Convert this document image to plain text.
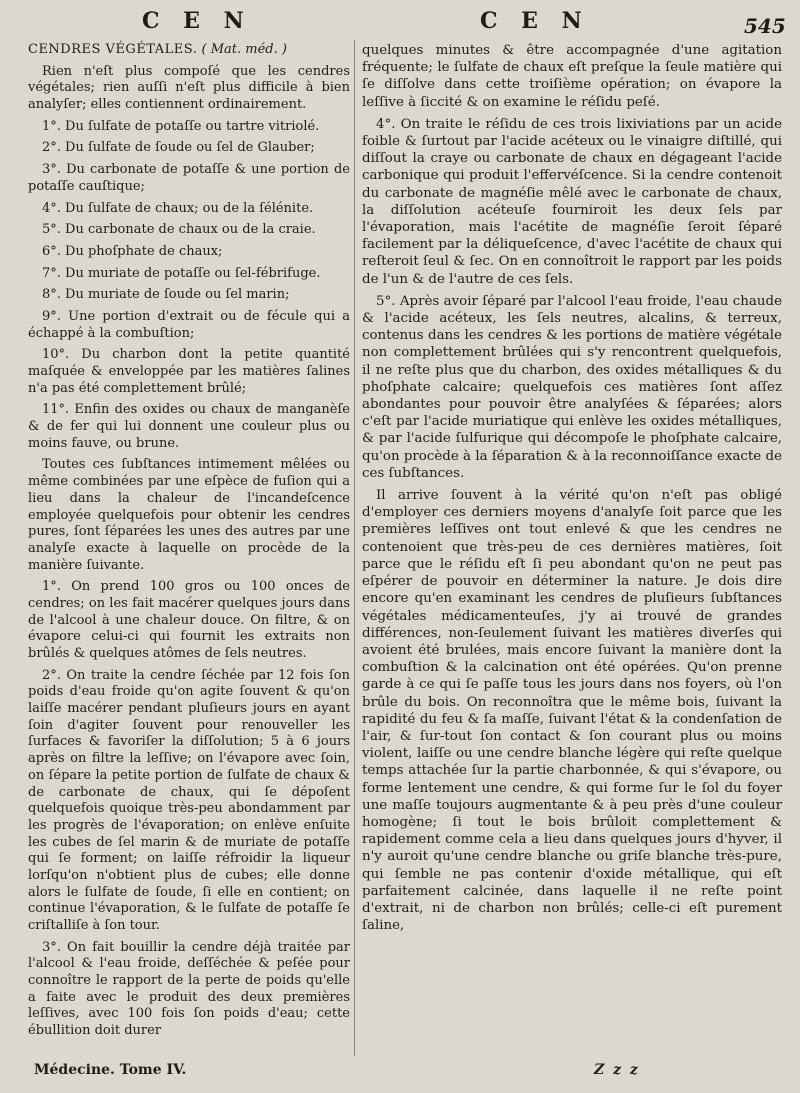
C E N	C E N	545

CENDRES VÉGÉTALES. ( Mat. méd. )

Rien n'eſt plus compoſé que les cendres végétales; rien auſſi n'eſt plus difficile à bien analyſer; elles contiennent ordinairement.

1°. Du ſulfate de potaſſe ou tartre vitriolé.

2°. Du ſulfate de ſoude ou ſel de Glauber;

3°. Du carbonate de potaſſe & une portion de potaſſe cauſtique;

4°. Du ſulfate de chaux; ou de la ſélénite.

5°. Du carbonate de chaux ou de la craie.

6°. Du phoſphate de chaux;

7°. Du muriate de potaſſe ou ſel-fébrifuge.

8°. Du muriate de ſoude ou ſel marin;

9°. Une portion d'extrait ou de fécule qui a échappé à la combuſtion;

10°. Du charbon dont la petite quantité maſquée & enveloppée par les matières ſalines n'a pas été complettement brûlé;

11°. Enfin des oxides ou chaux de manganèſe & de fer qui lui donnent une couleur plus ou moins fauve, ou brune.

Toutes ces ſubſtances intimement mêlées ou même combinées par une eſpèce de fuſion qui a lieu dans la chaleur de l'incandeſcence employée quelquefois pour obtenir les cendres pures, ſont ſéparées les unes des autres par une analyſe exacte à laquelle on procède de la manière ſuivante.

1°. On prend 100 gros ou 100 onces de cendres; on les fait macérer quelques jours dans de l'alcool à une chaleur douce. On filtre, & on évapore celui-ci qui fournit les extraits non brûlés & quelques atômes de ſels neutres.

2°. On traite la cendre ſéchée par 12 fois ſon poids d'eau froide qu'on agite ſouvent & qu'on laiſſe macérer pendant pluſieurs jours en ayant ſoin d'agiter ſouvent pour renouveller les ſurfaces & favoriſer la diſſolution; 5 à 6 jours après on filtre la leſſive; on l'évapore avec ſoin, on ſépare la petite portion de ſulfate de chaux & de carbonate de chaux, qui ſe dépoſent quelquefois quoique très-peu abondamment par les progrès de l'évaporation; on enlève enſuite les cubes de ſel marin & de muriate de potaſſe qui ſe forment; on laiſſe réfroidir la liqueur lorſqu'on n'obtient plus de cubes; elle donne alors le ſulfate de ſoude, ſi elle en contient; on continue l'évaporation, & le ſulfate de potaſſe ſe criſtalliſe à ſon tour.

3°. On fait bouillir la cendre déjà traitée par l'alcool & l'eau froide, deſſéchée & peſée pour connoître le rapport de la perte de poids qu'elle a faite avec le produit des deux premières leſſives, avec 100 fois ſon poids d'eau; cette ébullition doit durer

quelques minutes & être accompagnée d'une agitation fréquente; le ſulfate de chaux eſt preſque la ſeule matière qui ſe diſſolve dans cette troiſième opération; on évapore la leſſive à ſiccité & on examine le réſidu peſé.

4°. On traite le réſidu de ces trois lixiviations par un acide foible & ſurtout par l'acide acéteux ou le vinaigre diſtillé, qui diſſout la craye ou carbonate de chaux en dégageant l'acide carbonique qui produit l'effervéſcence. Si la cendre contenoit du carbonate de magnéſie mêlé avec le carbonate de chaux, la diſſolution acéteuſe fourniroit les deux ſels par l'évaporation, mais l'acétite de magnéſie ſeroit ſéparé facilement par la déliqueſcence, d'avec l'acétite de chaux qui reſteroit ſeul & ſec. On en connoîtroit le rapport par les poids de l'un & de l'autre de ces ſels.

5°. Après avoir ſéparé par l'alcool l'eau froide, l'eau chaude & l'acide acéteux, les ſels neutres, alcalins, & terreux, contenus dans les cendres & les portions de matière végétale non complettement brûlées qui s'y rencontrent quelquefois, il ne reſte plus que du charbon, des oxides métalliques & du phoſphate calcaire; quelquefois ces matières ſont aſſez abondantes pour pouvoir être analyſées & ſéparées; alors c'eſt par l'acide muriatique qui enlève les oxides métalliques, & par l'acide ſulfurique qui décompoſe le phoſphate calcaire, qu'on procède à la ſéparation & à la reconnoiſſance exacte de ces ſubſtances.

Il arrive ſouvent à la vérité qu'on n'eſt pas obligé d'employer ces derniers moyens d'analyſe ſoit parce que les premières leſſives ont tout enlevé & que les cendres ne contenoient que très-peu de ces dernières matières, ſoit parce que le réſidu eſt ſi peu abondant qu'on ne peut pas eſpérer de pouvoir en déterminer la nature. Je dois dire encore qu'en examinant les cendres de pluſieurs ſubſtances végétales médicamenteuſes, j'y ai trouvé de grandes différences, non-ſeulement ſuivant les matières diverſes qui avoient été brulées, mais encore ſuivant la manière dont la combuſtion & la calcination ont été opérées. Qu'on prenne garde à ce qui ſe paſſe tous les jours dans nos foyers, où l'on brûle du bois. On reconnoîtra que le même bois, ſuivant la rapidité du feu & ſa maſſe, ſuivant l'état & la condenſation de l'air, & ſur-tout ſon contact & ſon courant plus ou moins violent, laiſſe ou une cendre blanche légère qui reſte quelque temps attachée ſur la partie charbonnée, & qui s'évapore, ou forme lentement une cendre, & qui forme ſur le ſol du foyer une maſſe toujours augmentante & à peu près d'une couleur homogène; ſi tout le bois brûloit complettement & rapidement comme cela a lieu dans quelques jours d'hyver, il n'y auroit qu'une cendre blanche ou griſe blanche très-pure, qui ſemble ne pas contenir d'oxide métallique, qui eſt parfaitement calcinée, dans laquelle il ne reſte point d'extrait, ni de charbon non brûlés; celle-ci eſt purement ſaline,

Médecine. Tome IV.	Z z z
